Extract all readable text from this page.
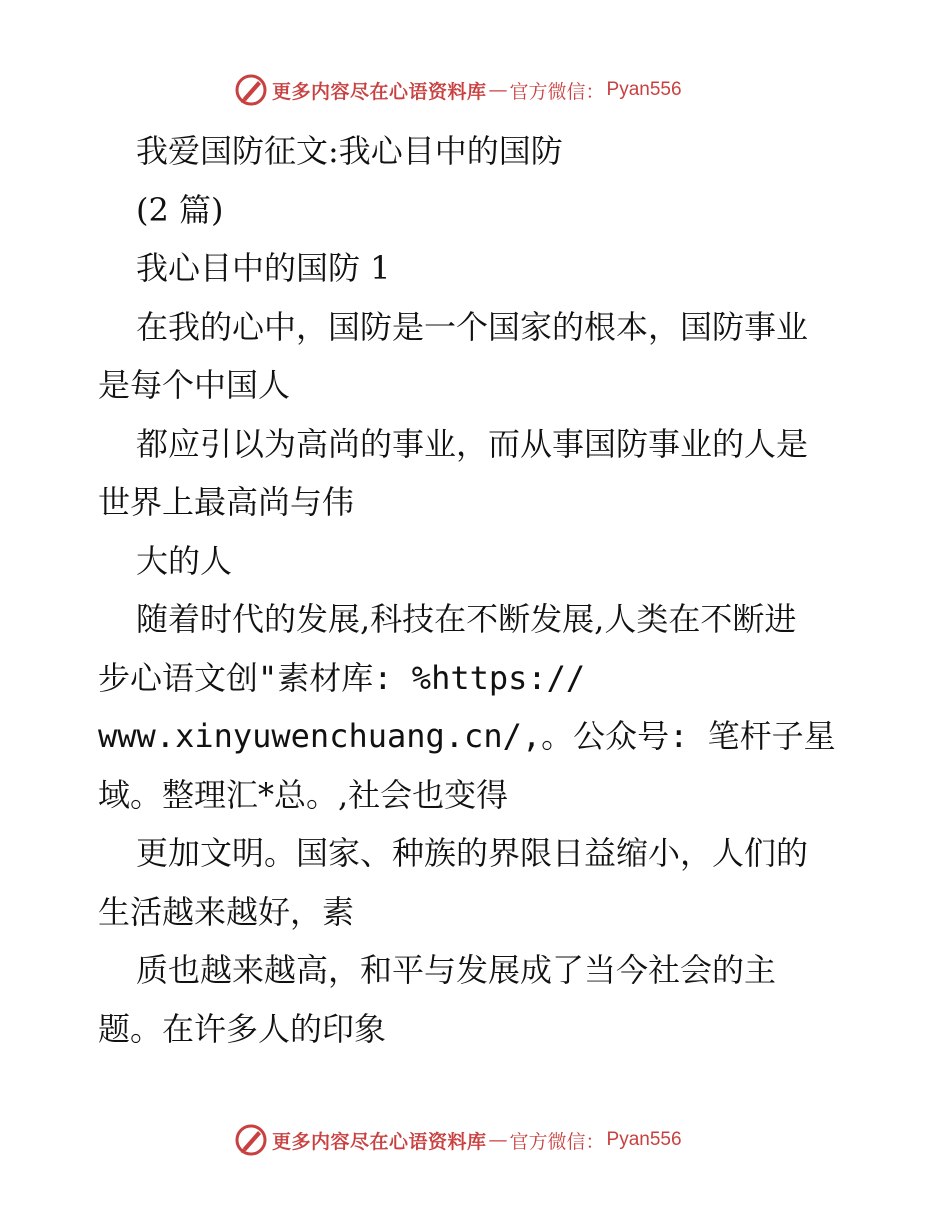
更多内容尽在心语资料库 — 官方微信： Pyan556
我爱国防征文:我心目中的国防
(2 篇)
我心目中的国防 1
在我的心中，国防是一个国家的根本，国防事业
是每个中国人
都应引以为高尚的事业，而从事国防事业的人是
世界上最高尚与伟
大的人
随着时代的发展,科技在不断发展,人类在不断进
步心语文创"素材库: %https://
www.xinyuwenchuang.cn/,。公众号: 笔杆子星
域。整理汇*总。,社会也变得
更加文明。国家、种族的界限日益缩小，人们的
生活越来越好，素
质也越来越高，和平与发展成了当今社会的主
题。在许多人的印象
更多内容尽在心语资料库 — 官方微信： Pyan556
